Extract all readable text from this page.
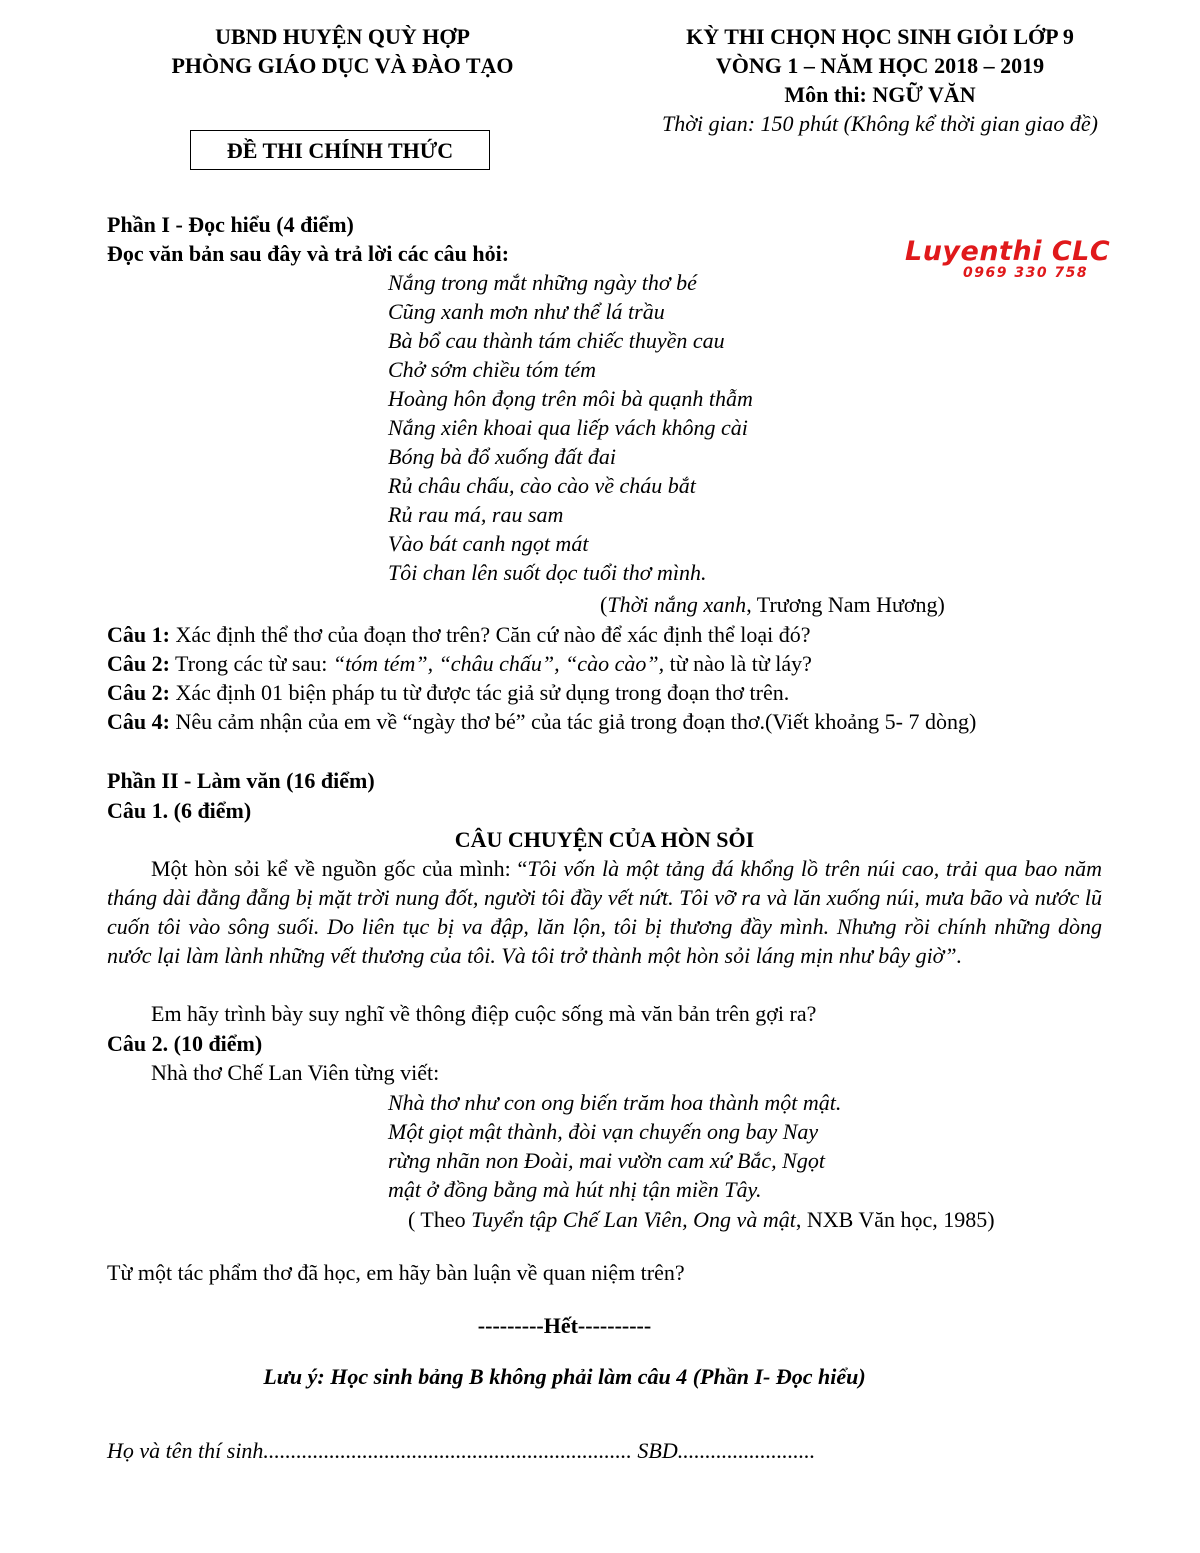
UBND HUYỆN QUỲ HỢP
PHÒNG GIÁO DỤC VÀ ĐÀO TẠO
KỲ THI CHỌN HỌC SINH GIỎI LỚP 9
VÒNG 1 – NĂM HỌC 2018 – 2019
Môn thi: NGỮ VĂN
Thời gian: 150 phút (Không kể thời gian giao đề)
ĐỀ THI CHÍNH THỨC
Luyenthi CLC
0969 330 758
Phần I - Đọc hiểu (4 điểm)
Đọc văn bản sau đây và trả lời các câu hỏi:
Nắng trong mắt những ngày thơ bé
Cũng xanh mơn như thể lá trầu
Bà bổ cau thành tám chiếc thuyền cau
Chở sớm chiều tóm tém
Hoàng hôn đọng trên môi bà quạnh thẫm
Nắng xiên khoai qua liếp vách không cài
Bóng bà đổ xuống đất đai
Rủ châu chấu, cào cào về cháu bắt
Rủ rau má, rau sam
Vào bát canh ngọt mát
Tôi chan lên suốt dọc tuổi thơ mình.
(Thời nắng xanh, Trương Nam Hương)
Câu 1: Xác định thể thơ của đoạn thơ trên? Căn cứ nào để xác định thể loại đó?
Câu 2: Trong các từ sau: “tóm tém”, “châu chấu”, “cào cào”, từ nào là từ láy?
Câu 2: Xác định 01 biện pháp tu từ được tác giả sử dụng trong đoạn thơ trên.
Câu 4: Nêu cảm nhận của em về “ngày thơ bé” của tác giả trong đoạn thơ.(Viết khoảng 5- 7 dòng)
Phần II - Làm văn (16 điểm)
Câu 1. (6 điểm)
CÂU CHUYỆN CỦA HÒN SỎI
Một hòn sỏi kể về nguồn gốc của mình: “Tôi vốn là một tảng đá khổng lồ trên núi cao, trải qua bao năm tháng dài đằng đẵng bị mặt trời nung đốt, người tôi đầy vết nứt. Tôi vỡ ra và lăn xuống núi, mưa bão và nước lũ cuốn tôi vào sông suối. Do liên tục bị va đập, lăn lộn, tôi bị thương đầy mình. Nhưng rồi chính những dòng nước lại làm lành những vết thương của tôi. Và tôi trở thành một hòn sỏi láng mịn như bây giờ”.
Em hãy trình bày suy nghĩ về thông điệp cuộc sống mà văn bản trên gợi ra?
Câu 2. (10 điểm)
Nhà thơ Chế Lan Viên từng viết:
Nhà thơ như con ong biến trăm hoa thành một mật.
Một giọt mật thành, đòi vạn chuyến ong bay Nay
rừng nhãn non Đoài, mai vườn cam xứ Bắc, Ngọt
mật ở đồng bằng mà hút nhị tận miền Tây.
( Theo Tuyển tập Chế Lan Viên, Ong và mật, NXB Văn học, 1985)
Từ một tác phẩm thơ đã học, em hãy bàn luận về quan niệm trên?
---------Hết----------
Lưu ý: Học sinh bảng B không phải làm câu 4 (Phần I- Đọc hiểu)
Họ và tên thí sinh................................................................... SBD.........................
